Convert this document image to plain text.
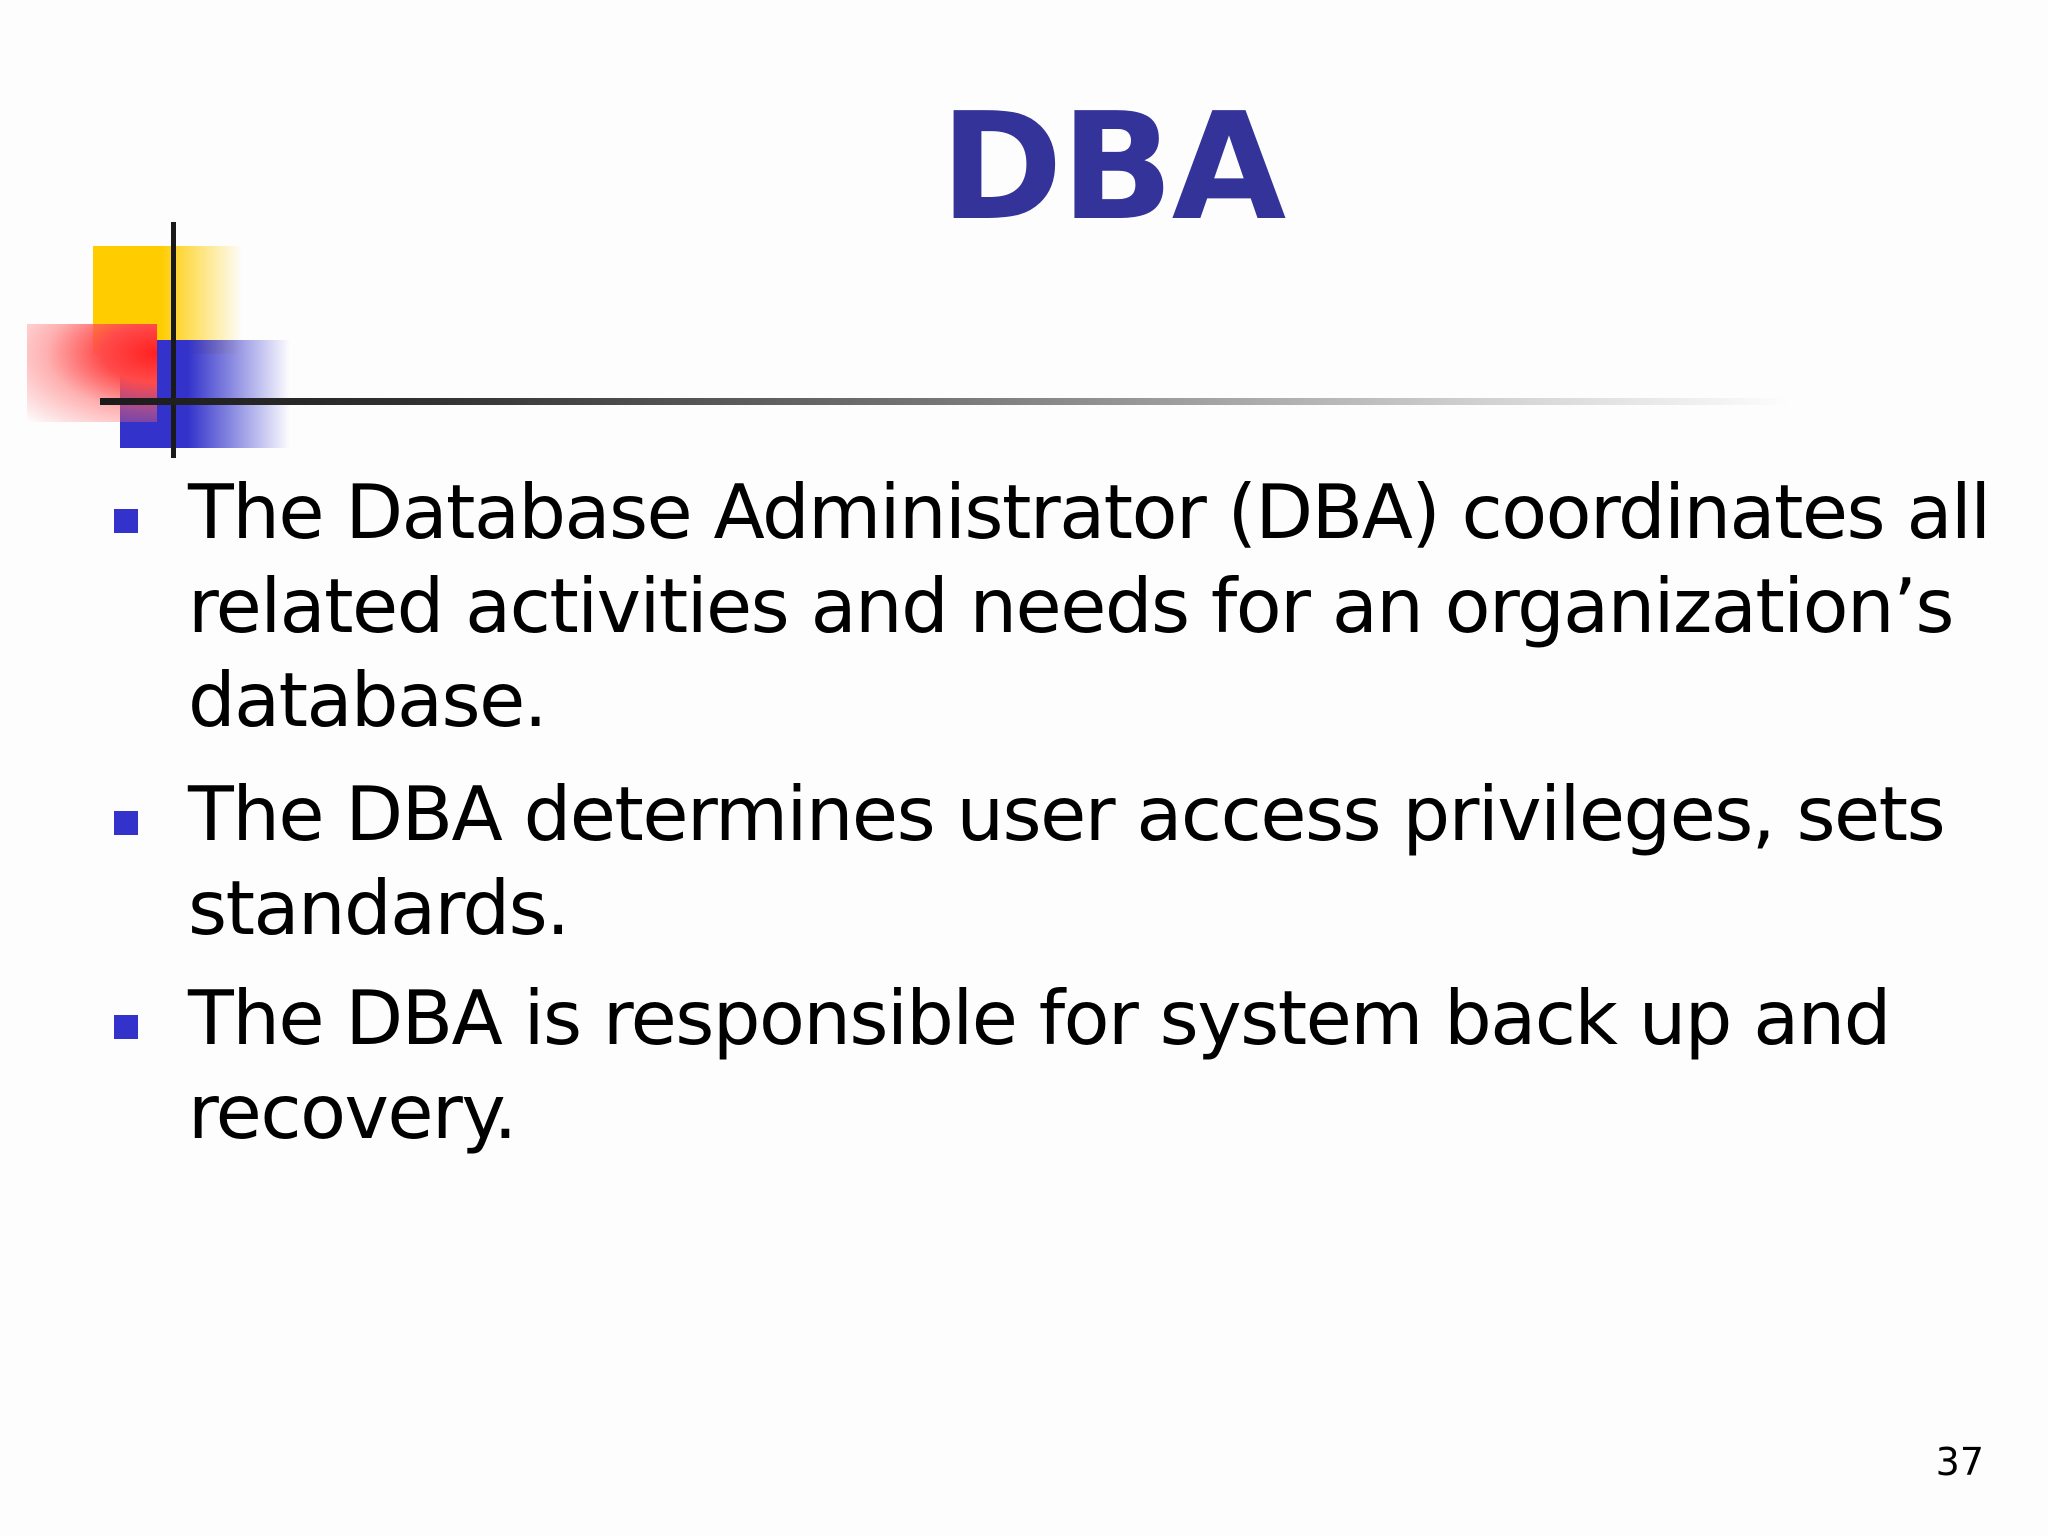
DBA
The Database Administrator (DBA) coordinates all related activities and needs for an organization’s database.
The DBA determines user access privileges, sets standards.
The DBA is responsible for system back up and recovery.
37
